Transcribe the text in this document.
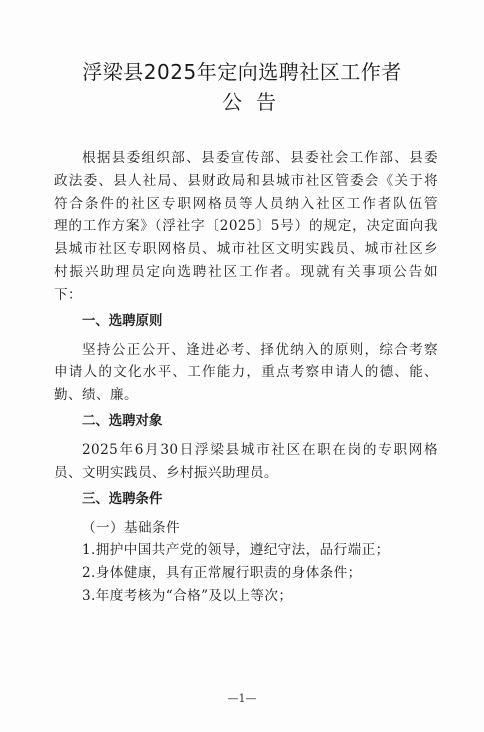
浮梁县2025年定向选聘社区工作者
公告
根据县委组织部、县委宣传部、县委社会工作部、县委
政法委、县人社局、县财政局和县城市社区管委会《关于将
符合条件的社区专职网格员等人员纳入社区工作者队伍管
理的工作方案》（浮社字〔2025〕5号）的规定，决定面向我
县城市社区专职网格员、城市社区文明实践员、城市社区乡
村振兴助理员定向选聘社区工作者。现就有关事项公告如
下：
一、选聘原则
坚持公正公开、逢进必考、择优纳入的原则，综合考察
申请人的文化水平、工作能力，重点考察申请人的德、能、
勤、绩、廉。
二、选聘对象
2025年6月30日浮梁县城市社区在职在岗的专职网格
员、文明实践员、乡村振兴助理员。
三、选聘条件
（一）基础条件
1.拥护中国共产党的领导，遵纪守法，品行端正；
2.身体健康，具有正常履行职责的身体条件；
3.年度考核为“合格”及以上等次；
—1—
